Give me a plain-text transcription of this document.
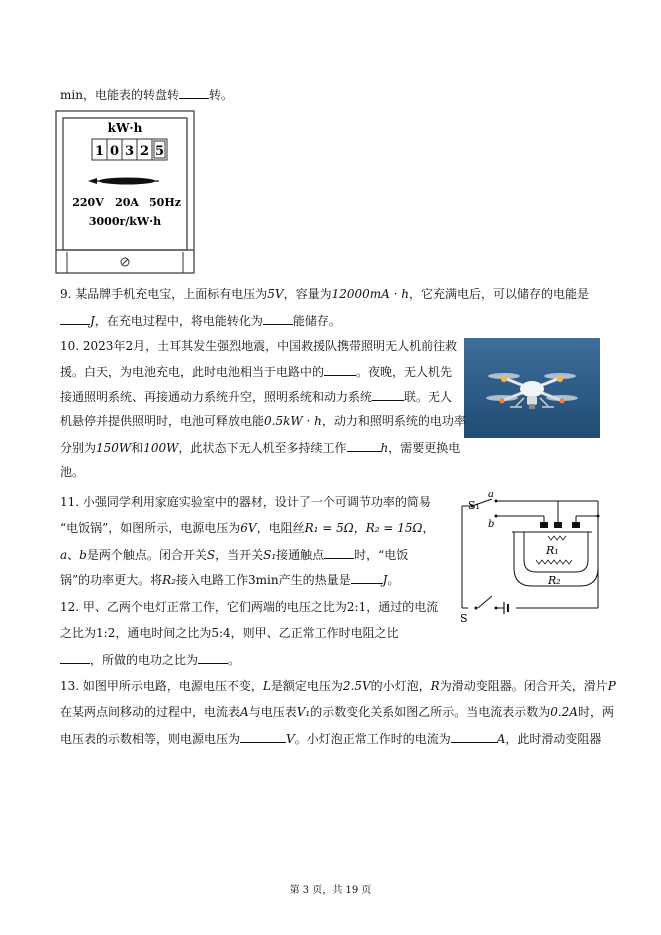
min，电能表的转盘转	转。
kW·h
1 0 3 2 5
220V 20A 50Hz
3000r/kW·h
9. 某品牌手机充电宝，上面标有电压为5V，容量为12000mA · h，它充满电后，可以储存的电能是
J，在充电过程中，将电能转化为	能储存。
10. 2023年2月，土耳其发生强烈地震，中国救援队携带照明无人机前往救
援。白天，为电池充电，此时电池相当于电路中的	。夜晚，无人机先
接通照明系统、再接通动力系统升空，照明系统和动力系统	联。无人
机悬停并提供照明时，电池可释放电能0.5kW · h，动力和照明系统的电功率
分别为150W和100W，此状态下无人机至多持续工作	h，需要更换电
池。
S₁
a
b
R₁
R₂
S
11. 小强同学利用家庭实验室中的器材，设计了一个可调节功率的简易
“电饭锅”，如图所示，电源电压为6V，电阻丝R₁ = 5Ω，R₂ = 15Ω，
a、b是两个触点。闭合开关S，当开关S₁接通触点	时，“电饭
锅”的功率更大。将R₂接入电路工作3min产生的热量是	J。
12. 甲、乙两个电灯正常工作，它们两端的电压之比为2:1，通过的电流
之比为1:2，通电时间之比为5:4，则甲、乙正常工作时电阻之比
，所做的电功之比为	。
13. 如图甲所示电路，电源电压不变，L是额定电压为2.5V的小灯泡，R为滑动变阻器。闭合开关，滑片P
在某两点间移动的过程中，电流表A与电压表V₁的示数变化关系如图乙所示。当电流表示数为0.2A时，两
电压表的示数相等，则电源电压为	V。小灯泡正常工作时的电流为	A，此时滑动变阻器
第 3 页，共 19 页
